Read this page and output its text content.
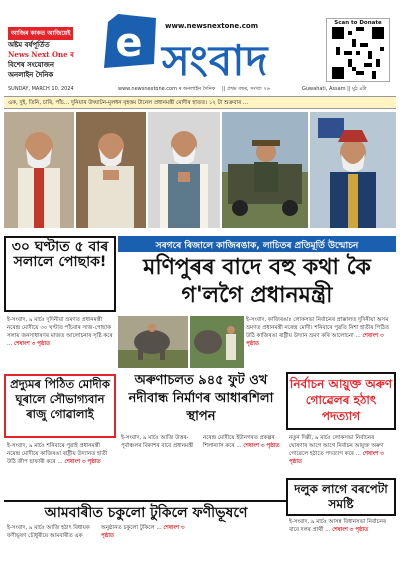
আজিৰ কাকত আজিয়েই
অষ্টম বৰ্ষপূৰ্তিত
News Next One ৰ
বিশেষ সংযোজন
অনলাইন দৈনিক
e	www.newsnextone.com
সংবাদ
Scan to Donate
SUNDAY, MARCH 10, 2024	www.newsnextone.com ৰ অনলাইন দৈনিক || প্ৰথম বছৰ, সংখ্যা ৭৬	Guwahati, Assam || মুঠ ৪টা
এক, দুই, তিনি, চাৰি, পাঁচ... দুনিয়াৰ উদ্ঘাটন-মূলধন বৃহত্তম টানেল প্ৰধানমন্ত্ৰী মোদীৰ হাতত। ১২ টা শুক্ৰবাৰ ...
সৰগৰে ৰিজালে কাজিৰঙাক, লাচিতৰ প্ৰতিমূৰ্তি উন্মোচন
মণিপুৰৰ বাদে বহু কথা কৈ গ'লগৈ প্ৰধানমন্ত্ৰী
ই-সংবাদ, কাজিৰঙাঃ লোকসভা নিৰ্বাচনৰ প্ৰাক্কালত দুদিনীয়া অসম ভ্ৰমণত প্ৰধানমন্ত্ৰী নৰেন্দ্ৰ মোদী। শনিবাৰে পুৱতি নিশা হাতীৰ পিঠিত উঠি কাজিৰঙা ৰাষ্ট্ৰীয় উদ্যান ভ্ৰমণ কৰি আলোচনা ... শেষাংশ ৩ পৃষ্ঠাত
৩০ ঘণ্টাত ৫ বাৰ সলালে পোছাক!
ই-সংবাদ, ৯ মাৰ্চঃ দুদিনীয়া ভ্ৰমণত প্ৰধানমন্ত্ৰী নৰেন্দ্ৰ মোদীয়ে ৩০ ঘণ্টাত পাঁচবাৰ সাজ-পোছাক সলায় জনসাধাৰণৰ মাজত আলোচনাৰ সৃষ্টি কৰে ... শেষাংশ ৩ পৃষ্ঠাত
প্ৰদ্যুমৰ পিঠিত মোদীক ঘূৰালে সৌভাগ্যবান ৰাজু গোৱালাই
ই-সংবাদ, ৯ মাৰ্চঃ শনিবাৰে পুৱাই প্ৰধানমন্ত্ৰী নৰেন্দ্ৰ মোদীয়ে কাজিৰঙা ৰাষ্ট্ৰীয় উদ্যানত হাতী উঠি জীপ ছাফাৰী কৰে ... শেষাংশ ৩ পৃষ্ঠাত
অৰুণাচলত ৯৪৫ ফুট ওখ নদীবান্ধ নিৰ্মাণৰ আধাৰশিলা স্থাপন
ই-সংবাদ, ৯ মাৰ্চঃ আজি উত্তৰ-পূৰ্বাঞ্চলৰ বিকাশৰ বাবে প্ৰধানমন্ত্ৰী নৰেন্দ্ৰ মোদীয়ে ইটানগৰত প্ৰকল্পৰ শিলান্যাস কৰে ... শেষাংশ ৩ পৃষ্ঠাত
নিৰ্বাচন আয়ুক্ত অৰুণ গোৱেলৰ হঠাৎ পদত্যাগ
নতুন দিল্লী, ৯ মাৰ্চঃ লোকসভা নিৰ্বাচনৰ ঘোষণাৰ আগে আগে নিৰ্বাচন আয়ুক্ত অৰুণ গোৱেলে হঠাতে পদত্যাগ কৰে ... শেষাংশ ৩ পৃষ্ঠাত
দলুক লাগে বৰপেটা সমষ্টি
ই-সংবাদ, ৯ মাৰ্চঃ আসন্ন বিধানসভা নিৰ্বাচনৰ বাবে দলৰ প্ৰাৰ্থী ... শেষাংশ ৩ পৃষ্ঠাত
আমবাৰীত চকুলো টুকিলে ফণীভূষণে
ই-সংবাদ, ৯ মাৰ্চঃ আজি হঠাৎ বিধায়ক ফণীভূষণ চৌধুৰীয়ে আমবাৰীত এক অনুষ্ঠানত চকুলো টুকিলে ... শেষাংশ ৩ পৃষ্ঠাত
